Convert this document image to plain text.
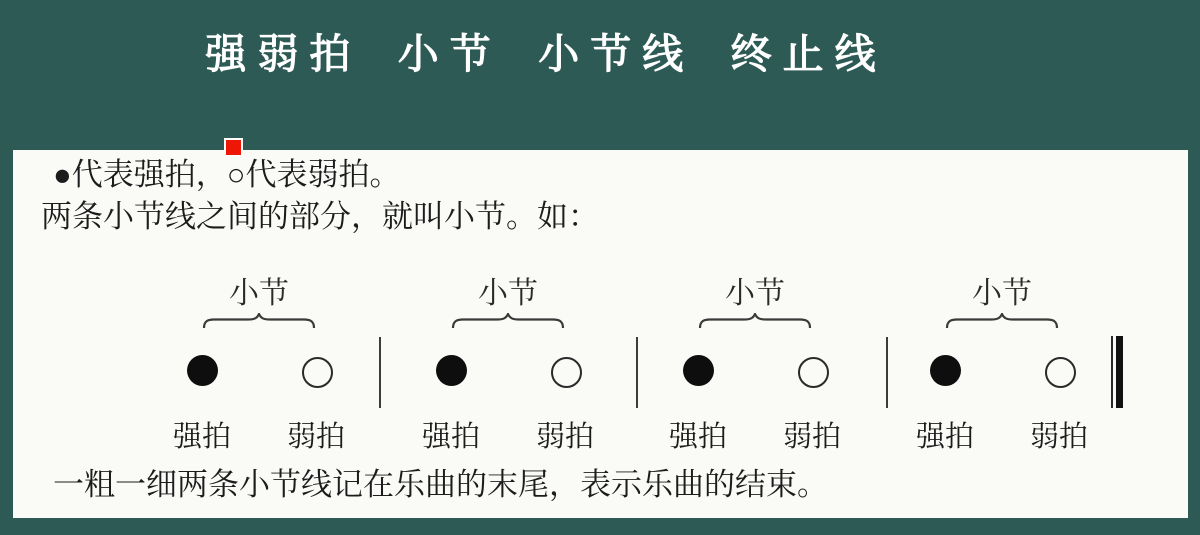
强弱拍 小节 小节线 终止线
●代表强拍，○代表弱拍。
两条小节线之间的部分，就叫小节。如：
小节
强拍 弱拍
小节
强拍 弱拍
小节
强拍 弱拍
小节
强拍 弱拍
一粗一细两条小节线记在乐曲的末尾，表示乐曲的结束。
